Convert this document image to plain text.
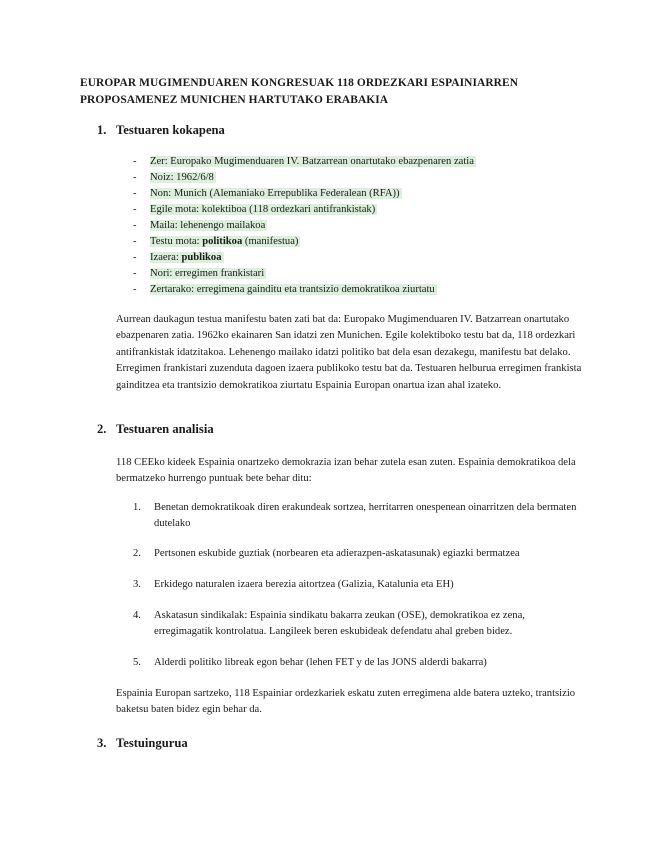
EUROPAR MUGIMENDUAREN KONGRESUAK 118 ORDEZKARI ESPAINIARREN PROPOSAMENEZ MUNICHEN HARTUTAKO ERABAKIA
1. Testuaren kokapena
- Zer: Europako Mugimenduaren IV. Batzarrean onartutako ebazpenaren zatia
- Noiz: 1962/6/8
- Non: Munich (Alemaniako Errepublika Federalean (RFA))
- Egile mota: kolektiboa (118 ordezkari antifrankistak)
- Maila: lehenengo mailakoa
- Testu mota: politikoa (manifestua)
- Izaera: publikoa
- Nori: erregimen frankistari
- Zertarako: erregimena gainditu eta trantsizio demokratikoa ziurtatu
Aurrean daukagun testua manifestu baten zati bat da: Europako Mugimenduaren IV. Batzarrean onartutako ebazpenaren zatia. 1962ko ekainaren San idatzi zen Munichen. Egile kolektiboko testu bat da, 118 ordezkari antifrankistak idatzitakoa. Lehenengo mailako idatzi politiko bat dela esan dezakegu, manifestu bat delako. Erregimen frankistari zuzenduta dagoen izaera publikoko testu bat da. Testuaren helburua erregimen frankista gainditzea eta trantsizio demokratikoa ziurtatu Espainia Europan onartua izan ahal izateko.
2. Testuaren analisia
118 CEEko kideek Espainia onartzeko demokrazia izan behar zutela esan zuten. Espainia demokratikoa dela bermatzeko hurrengo puntuak bete behar ditu:
1.	Benetan demokratikoak diren erakundeak sortzea, herritarren onespenean oinarritzen dela bermaten dutelako
2.	Pertsonen eskubide guztiak (norbearen eta adierazpen-askatasunak) egiazki bermatzea
3.	Erkidego naturalen izaera berezia aitortzea (Galizia, Katalunia eta EH)
4.	Askatasun sindikalak: Espainia sindikatu bakarra zeukan (OSE), demokratikoa ez zena, erregimagatik kontrolatua. Langileek beren eskubideak defendatu ahal greben bidez.
5.	Alderdi politiko libreak egon behar (lehen FET y de las JONS alderdi bakarra)
Espainia Europan sartzeko, 118 Espainiar ordezkariek eskatu zuten erregimena alde batera uzteko, trantsizio baketsu baten bidez egin behar da.
3. Testuingurua
